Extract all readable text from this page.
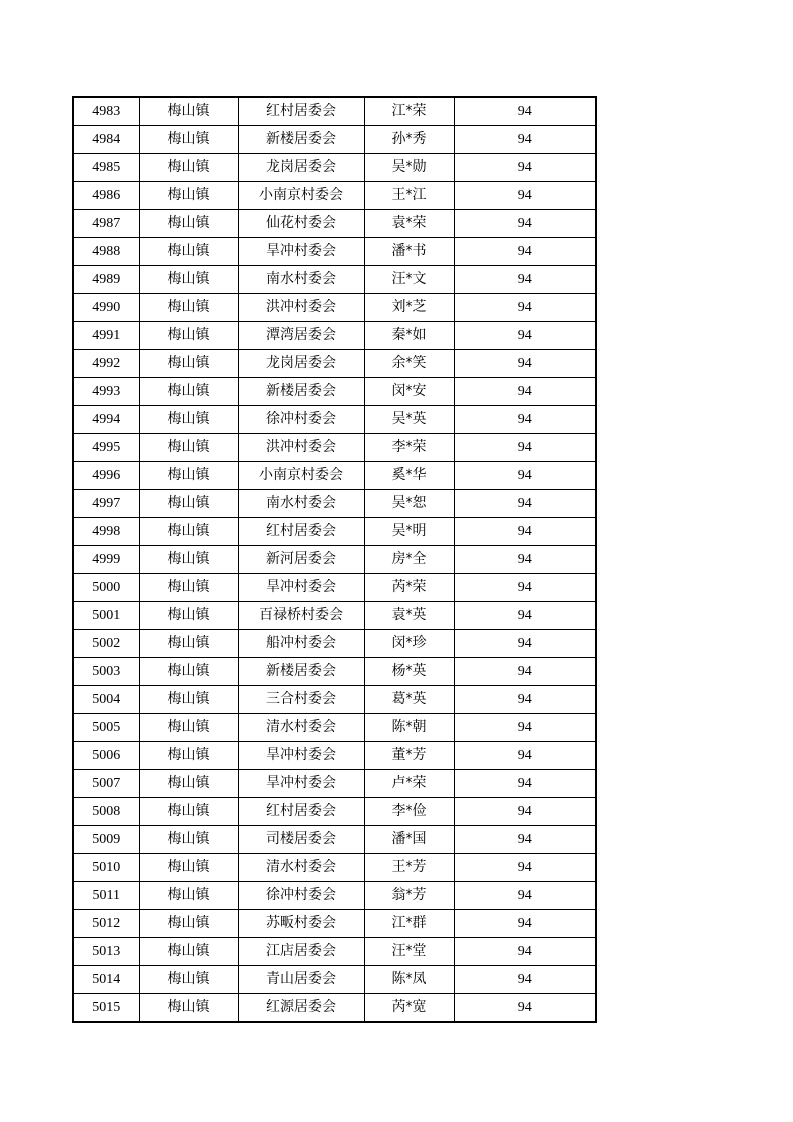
4983	梅山镇	红村居委会	江*荣	94
4984	梅山镇	新楼居委会	孙*秀	94
4985	梅山镇	龙岗居委会	吴*勋	94
4986	梅山镇	小南京村委会	王*江	94
4987	梅山镇	仙花村委会	袁*荣	94
4988	梅山镇	旱冲村委会	潘*书	94
4989	梅山镇	南水村委会	汪*文	94
4990	梅山镇	洪冲村委会	刘*芝	94
4991	梅山镇	潭湾居委会	秦*如	94
4992	梅山镇	龙岗居委会	余*笑	94
4993	梅山镇	新楼居委会	闵*安	94
4994	梅山镇	徐冲村委会	吴*英	94
4995	梅山镇	洪冲村委会	李*荣	94
4996	梅山镇	小南京村委会	奚*华	94
4997	梅山镇	南水村委会	吴*恕	94
4998	梅山镇	红村居委会	吴*明	94
4999	梅山镇	新河居委会	房*全	94
5000	梅山镇	旱冲村委会	芮*荣	94
5001	梅山镇	百禄桥村委会	袁*英	94
5002	梅山镇	船冲村委会	闵*珍	94
5003	梅山镇	新楼居委会	杨*英	94
5004	梅山镇	三合村委会	葛*英	94
5005	梅山镇	清水村委会	陈*朝	94
5006	梅山镇	旱冲村委会	董*芳	94
5007	梅山镇	旱冲村委会	卢*荣	94
5008	梅山镇	红村居委会	李*俭	94
5009	梅山镇	司楼居委会	潘*国	94
5010	梅山镇	清水村委会	王*芳	94
5011	梅山镇	徐冲村委会	翁*芳	94
5012	梅山镇	苏畈村委会	江*群	94
5013	梅山镇	江店居委会	汪*堂	94
5014	梅山镇	青山居委会	陈*凤	94
5015	梅山镇	红源居委会	芮*宽	94
